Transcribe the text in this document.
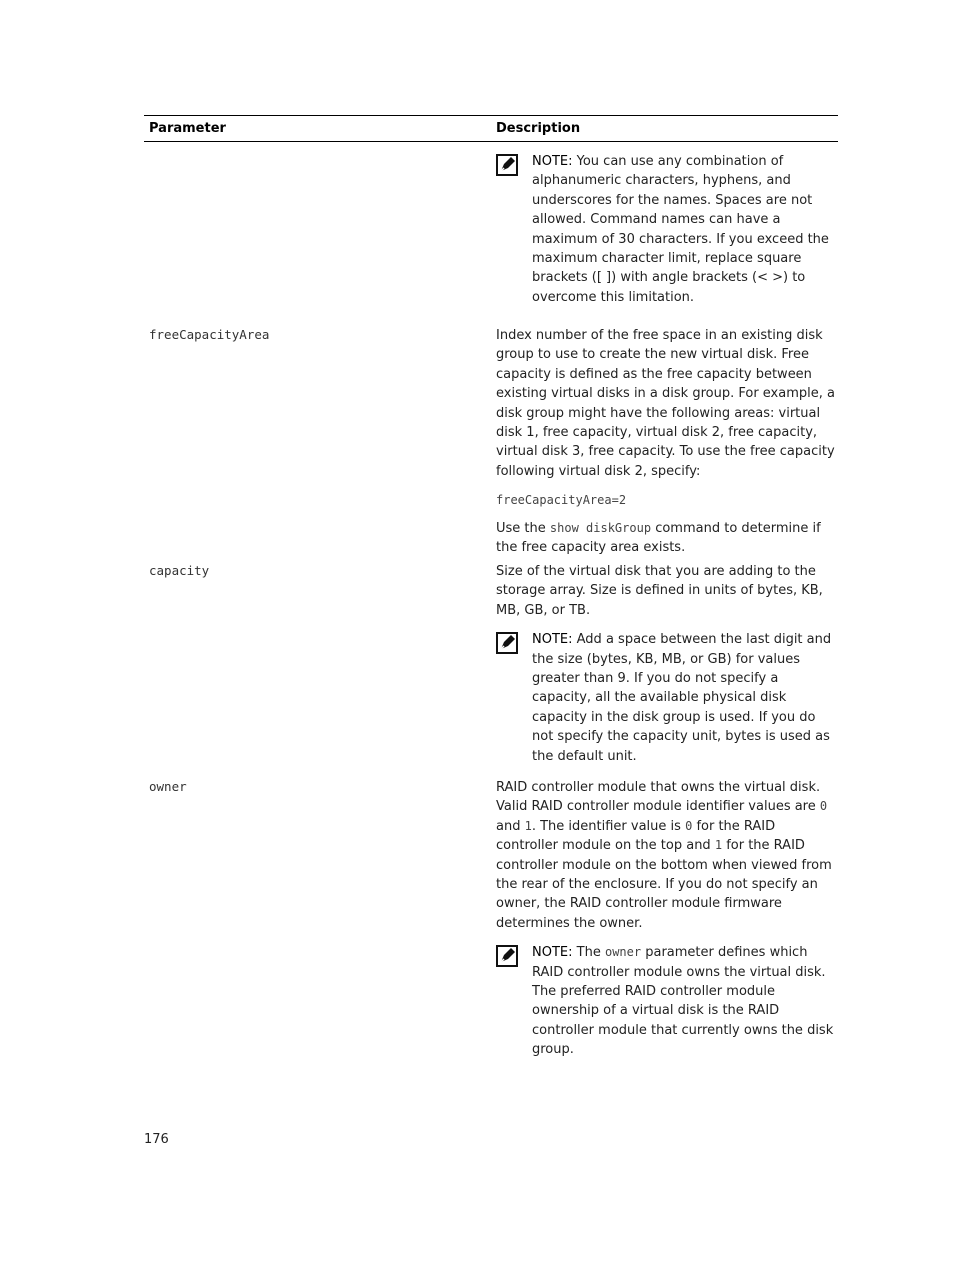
Parameter	Description
NOTE: You can use any combination of alphanumeric characters, hyphens, and underscores for the names. Spaces are not allowed. Command names can have a maximum of 30 characters. If you exceed the maximum character limit, replace square brackets ([ ]) with angle brackets (< >) to overcome this limitation.
freeCapacityArea	Index number of the free space in an existing disk group to use to create the new virtual disk. Free capacity is defined as the free capacity between existing virtual disks in a disk group. For example, a disk group might have the following areas: virtual disk 1, free capacity, virtual disk 2, free capacity, virtual disk 3, free capacity. To use the free capacity following virtual disk 2, specify:

freeCapacityArea=2

Use the show diskGroup command to determine if the free capacity area exists.

capacity	Size of the virtual disk that you are adding to the storage array. Size is defined in units of bytes, KB, MB, GB, or TB.

NOTE: Add a space between the last digit and the size (bytes, KB, MB, or GB) for values greater than 9. If you do not specify a capacity, all the available physical disk capacity in the disk group is used. If you do not specify the capacity unit, bytes is used as the default unit.
owner	RAID controller module that owns the virtual disk. Valid RAID controller module identifier values are 0 and 1. The identifier value is 0 for the RAID controller module on the top and 1 for the RAID controller module on the bottom when viewed from the rear of the enclosure. If you do not specify an owner, the RAID controller module firmware determines the owner.

NOTE: The owner parameter defines which RAID controller module owns the virtual disk. The preferred RAID controller module ownership of a virtual disk is the RAID controller module that currently owns the disk group.
176
